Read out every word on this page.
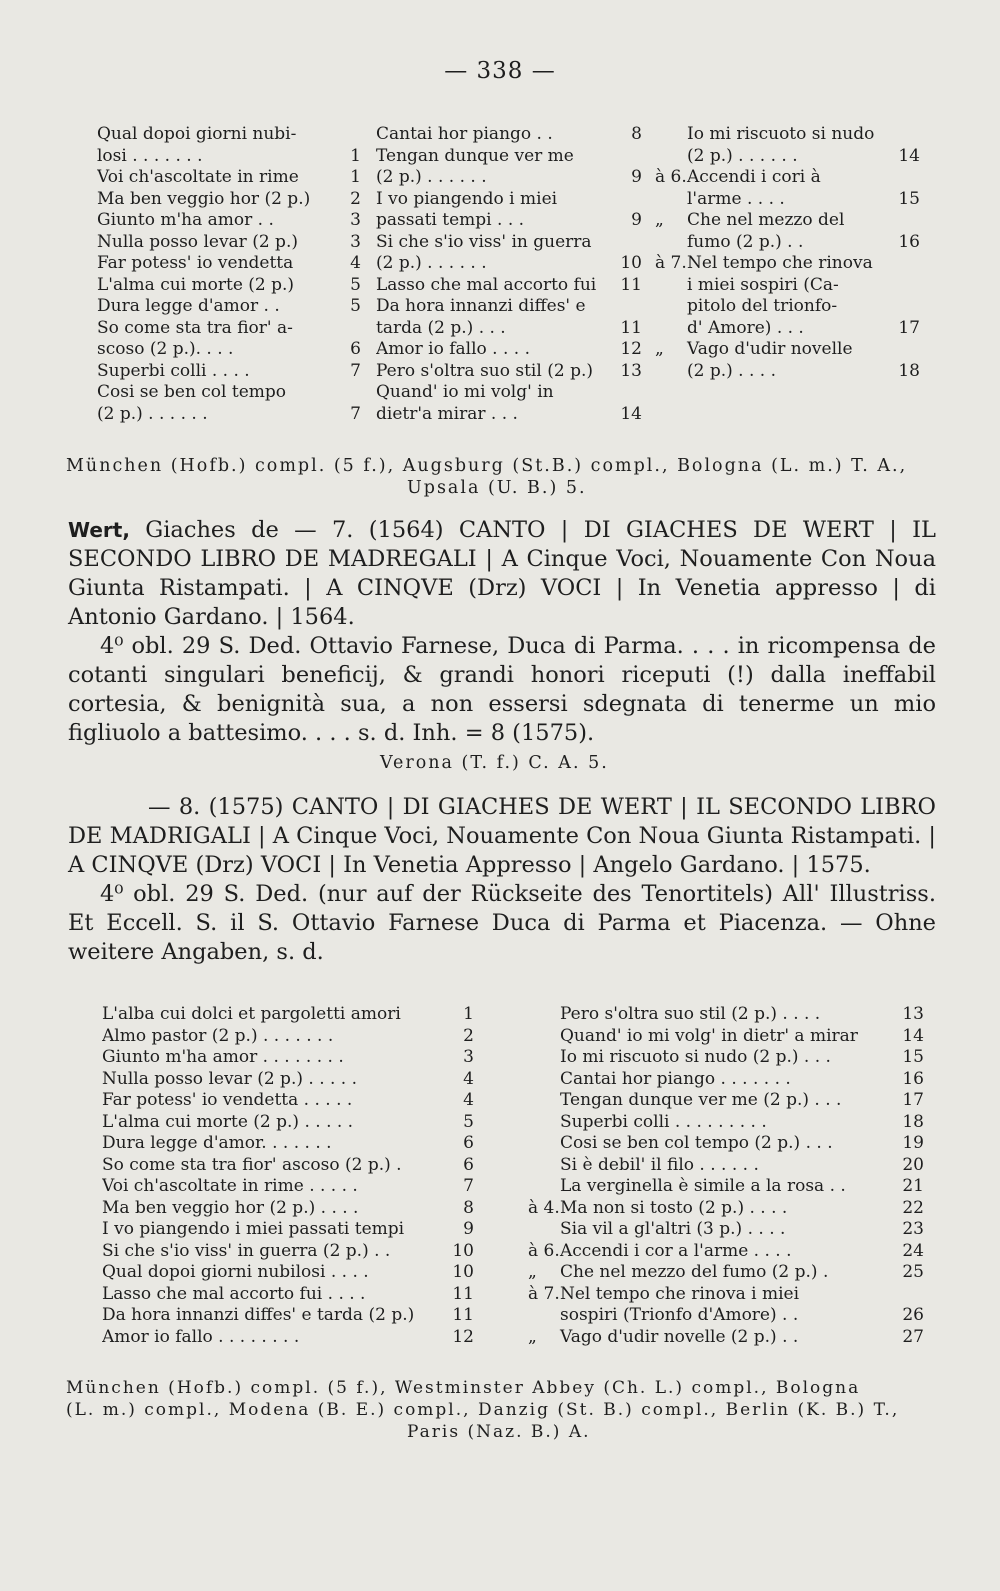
— 338 —
Qual dopoi giorni nubi-
losi . . . . . . .	1
Voi ch'ascoltate in rime	1
Ma ben veggio hor (2 p.)	2
Giunto m'ha amor . .	3
Nulla posso levar (2 p.)	3
Far potess' io vendetta	4
L'alma cui morte (2 p.)	5
Dura legge d'amor . .	5
So come sta tra fior' a-
scoso (2 p.). . . .	6
Superbi colli . . . .	7
Cosi se ben col tempo
(2 p.) . . . . . .	7
Cantai hor piango . .	8
Tengan dunque ver me
(2 p.) . . . . . .	9
I vo piangendo i miei
passati tempi . . .	9
Si che s'io viss' in guerra
(2 p.) . . . . . .	10
Lasso che mal accorto fui	11
Da hora innanzi diffes' e
tarda (2 p.) . . .	11
Amor io fallo . . . .	12
Pero s'oltra suo stil (2 p.)	13
Quand' io mi volg' in
dietr'a mirar . . .	14
Io mi riscuoto si nudo
(2 p.) . . . . . .	14
à 6.Accendi i cori à
l'arme . . . .	15
„ Che nel mezzo del
fumo (2 p.) . .	16
à 7.Nel tempo che rinova
i miei sospiri (Ca-
pitolo del trionfo-
d' Amore) . . .	17
„ Vago d'udir novelle
(2 p.) . . . .	18
München (Hofb.) compl. (5 f.), Augsburg (St.B.) compl., Bologna (L. m.) T. A.,
Upsala (U. B.) 5.

Wert, Giaches de — 7. (1564) CANTO | DI GIACHES DE WERT | IL SECONDO LIBRO DE MADREGALI | A Cinque Voci, Nouamente Con Noua Giunta Ristampati. | A CINQVE (Drz) VOCI | In Venetia appresso | di Antonio Gardano. | 1564.

4⁰ obl. 29 S. Ded. Ottavio Farnese, Duca di Parma. . . . in ricompensa de cotanti singulari beneficij, & grandi honori riceputi (!) dalla ineffabil cortesia, & benignità sua, a non essersi sdegnata di tenerme un mio figliuolo a battesimo. . . . s. d. Inh. = 8 (1575).

Verona (T. f.) C. A. 5.

— 8. (1575) CANTO | DI GIACHES DE WERT | IL SECONDO LIBRO DE MADRIGALI | A Cinque Voci, Nouamente Con Noua Giunta Ristampati. | A CINQVE (Drz) VOCI | In Venetia Appresso | Angelo Gardano. | 1575.

4⁰ obl. 29 S. Ded. (nur auf der Rückseite des Tenortitels) All' Illustriss. Et Eccell. S. il S. Ottavio Farnese Duca di Parma et Piacenza. — Ohne weitere Angaben, s. d.

L'alba cui dolci et pargoletti amori	1
Almo pastor (2 p.) . . . . . . .	2
Giunto m'ha amor . . . . . . . .	3
Nulla posso levar (2 p.) . . . . .	4
Far potess' io vendetta . . . . .	4
L'alma cui morte (2 p.) . . . . .	5
Dura legge d'amor. . . . . . .	6
So come sta tra fior' ascoso (2 p.) .	6
Voi ch'ascoltate in rime . . . . .	7
Ma ben veggio hor (2 p.) . . . .	8
I vo piangendo i miei passati tempi	9
Si che s'io viss' in guerra (2 p.) . .	10
Qual dopoi giorni nubilosi . . . .	10
Lasso che mal accorto fui . . . .	11
Da hora innanzi diffes' e tarda (2 p.)	11
Amor io fallo . . . . . . . .	12
Pero s'oltra suo stil (2 p.) . . . .	13
Quand' io mi volg' in dietr' a mirar	14
Io mi riscuoto si nudo (2 p.) . . .	15
Cantai hor piango . . . . . . .	16
Tengan dunque ver me (2 p.) . . .	17
Superbi colli . . . . . . . . .	18
Cosi se ben col tempo (2 p.) . . .	19
Si è debil' il filo . . . . . .	20
La verginella è simile a la rosa . .	21
à 4.Ma non si tosto (2 p.) . . . .	22
Sia vil a gl'altri (3 p.) . . . .	23
à 6.Accendi i cor a l'arme . . . .	24
„ Che nel mezzo del fumo (2 p.) .	25
à 7.Nel tempo che rinova i miei
sospiri (Trionfo d'Amore) . .	26
„ Vago d'udir novelle (2 p.) . .	27
München (Hofb.) compl. (5 f.), Westminster Abbey (Ch. L.) compl., Bologna
(L. m.) compl., Modena (B. E.) compl., Danzig (St. B.) compl., Berlin (K. B.) T.,
Paris (Naz. B.) A.
